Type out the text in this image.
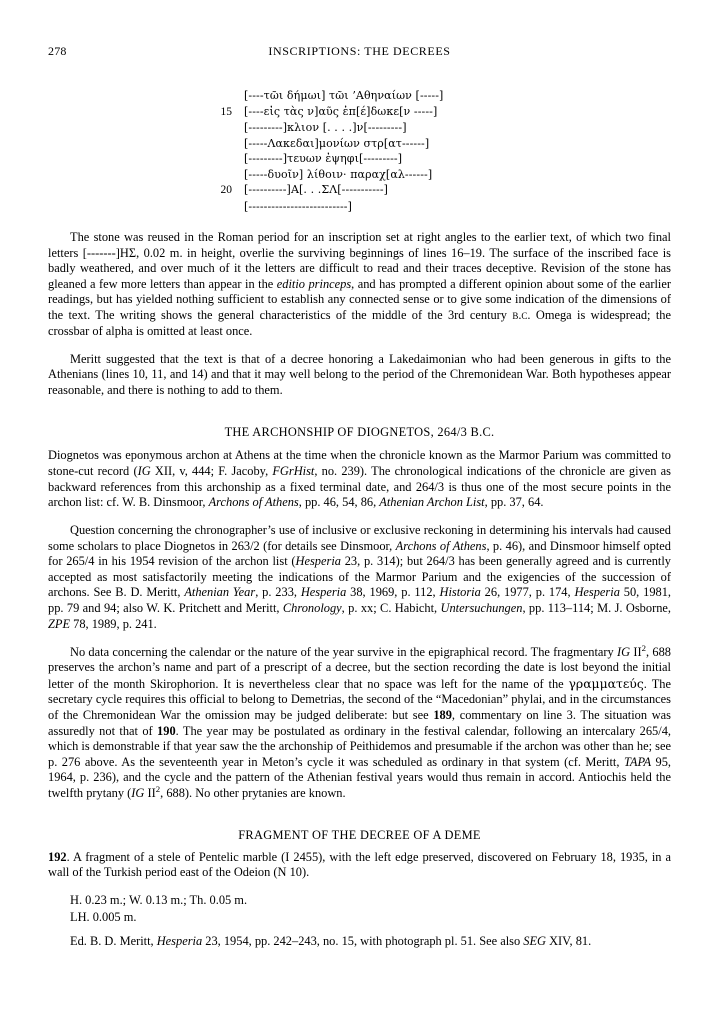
278	INSCRIPTIONS: THE DECREES
[----τῶι δήμωι] τῶι ’Αθηναίων [-----]
15	[----εἰς τὰς ν]αῦς ἐπ[έ]δωκε[ν -----]
[---------]κλιον [. . . .]ν[---------]
[-----Λακεδαι]μονίων στρ[ατ------]
[---------]τευων ἐψηφι[---------]
[-----δυοῖν] λίθοιν· παραχ[αλ------]
20	[----------]Α[. . .ΣΛ[-----------]
[--------------------------]

The stone was reused in the Roman period for an inscription set at right angles to the earlier text, of which two final letters [-------]HΣ, 0.02 m. in height, overlie the surviving beginnings of lines 16–19. The surface of the inscribed face is badly weathered, and over much of it the letters are difficult to read and their traces deceptive. Revision of the stone has gleaned a few more letters than appear in the editio princeps, and has prompted a different opinion about some of the earlier readings, but has yielded nothing sufficient to establish any connected sense or to give some indication of the dimensions of the text. The writing shows the general characteristics of the middle of the 3rd century b.c. Omega is widespread; the crossbar of alpha is omitted at least once.

Meritt suggested that the text is that of a decree honoring a Lakedaimonian who had been generous in gifts to the Athenians (lines 10, 11, and 14) and that it may well belong to the period of the Chremonidean War. Both hypotheses appear reasonable, and there is nothing to add to them.

THE ARCHONSHIP OF DIOGNETOS, 264/3 B.C.

Diognetos was eponymous archon at Athens at the time when the chronicle known as the Marmor Parium was committed to stone-cut record (IG XII, v, 444; F. Jacoby, FGrHist, no. 239). The chronological indications of the chronicle are given as backward references from this archonship as a fixed terminal date, and 264/3 is thus one of the most secure points in the archon list: cf. W. B. Dinsmoor, Archons of Athens, pp. 46, 54, 86, Athenian Archon List, pp. 37, 64.

Question concerning the chronographer’s use of inclusive or exclusive reckoning in determining his intervals had caused some scholars to place Diognetos in 263/2 (for details see Dinsmoor, Archons of Athens, p. 46), and Dinsmoor himself opted for 265/4 in his 1954 revision of the archon list (Hesperia 23, p. 314); but 264/3 has been generally agreed and is currently accepted as most satisfactorily meeting the indications of the Marmor Parium and the exigencies of the succession of archons. See B. D. Meritt, Athenian Year, p. 233, Hesperia 38, 1969, p. 112, Historia 26, 1977, p. 174, Hesperia 50, 1981, pp. 79 and 94; also W. K. Pritchett and Meritt, Chronology, p. xx; C. Habicht, Untersuchungen, pp. 113–114; M. J. Osborne, ZPE 78, 1989, p. 241.

No data concerning the calendar or the nature of the year survive in the epigraphical record. The fragmentary IG $II^2$, 688 preserves the archon’s name and part of a prescript of a decree, but the section recording the date is lost beyond the initial letter of the month Skirophorion. It is nevertheless clear that no space was left for the name of the γραμματεύς. The secretary cycle requires this official to belong to Demetrias, the second of the “Macedonian” phylai, and in the circumstances of the Chremonidean War the omission may be judged deliberate: but see 189, commentary on line 3. The situation was assuredly not that of 190. The year may be postulated as ordinary in the festival calendar, following an intercalary 265/4, which is demonstrable if that year saw the the archonship of Peithidemos and presumable if the archon was other than he; see p. 276 above. As the seventeenth year in Meton’s cycle it was scheduled as ordinary in that system (cf. Meritt, TAPA 95, 1964, p. 236), and the cycle and the pattern of the Athenian festival years would thus remain in accord. Antiochis held the twelfth prytany (IG $II^2$, 688). No other prytanies are known.

FRAGMENT OF THE DECREE OF A DEME

192. A fragment of a stele of Pentelic marble (I 2455), with the left edge preserved, discovered on February 18, 1935, in a wall of the Turkish period east of the Odeion (N 10).

H. 0.23 m.; W. 0.13 m.; Th. 0.05 m.
LH. 0.005 m.
Ed. B. D. Meritt, Hesperia 23, 1954, pp. 242–243, no. 15, with photograph pl. 51. See also SEG XIV, 81.
